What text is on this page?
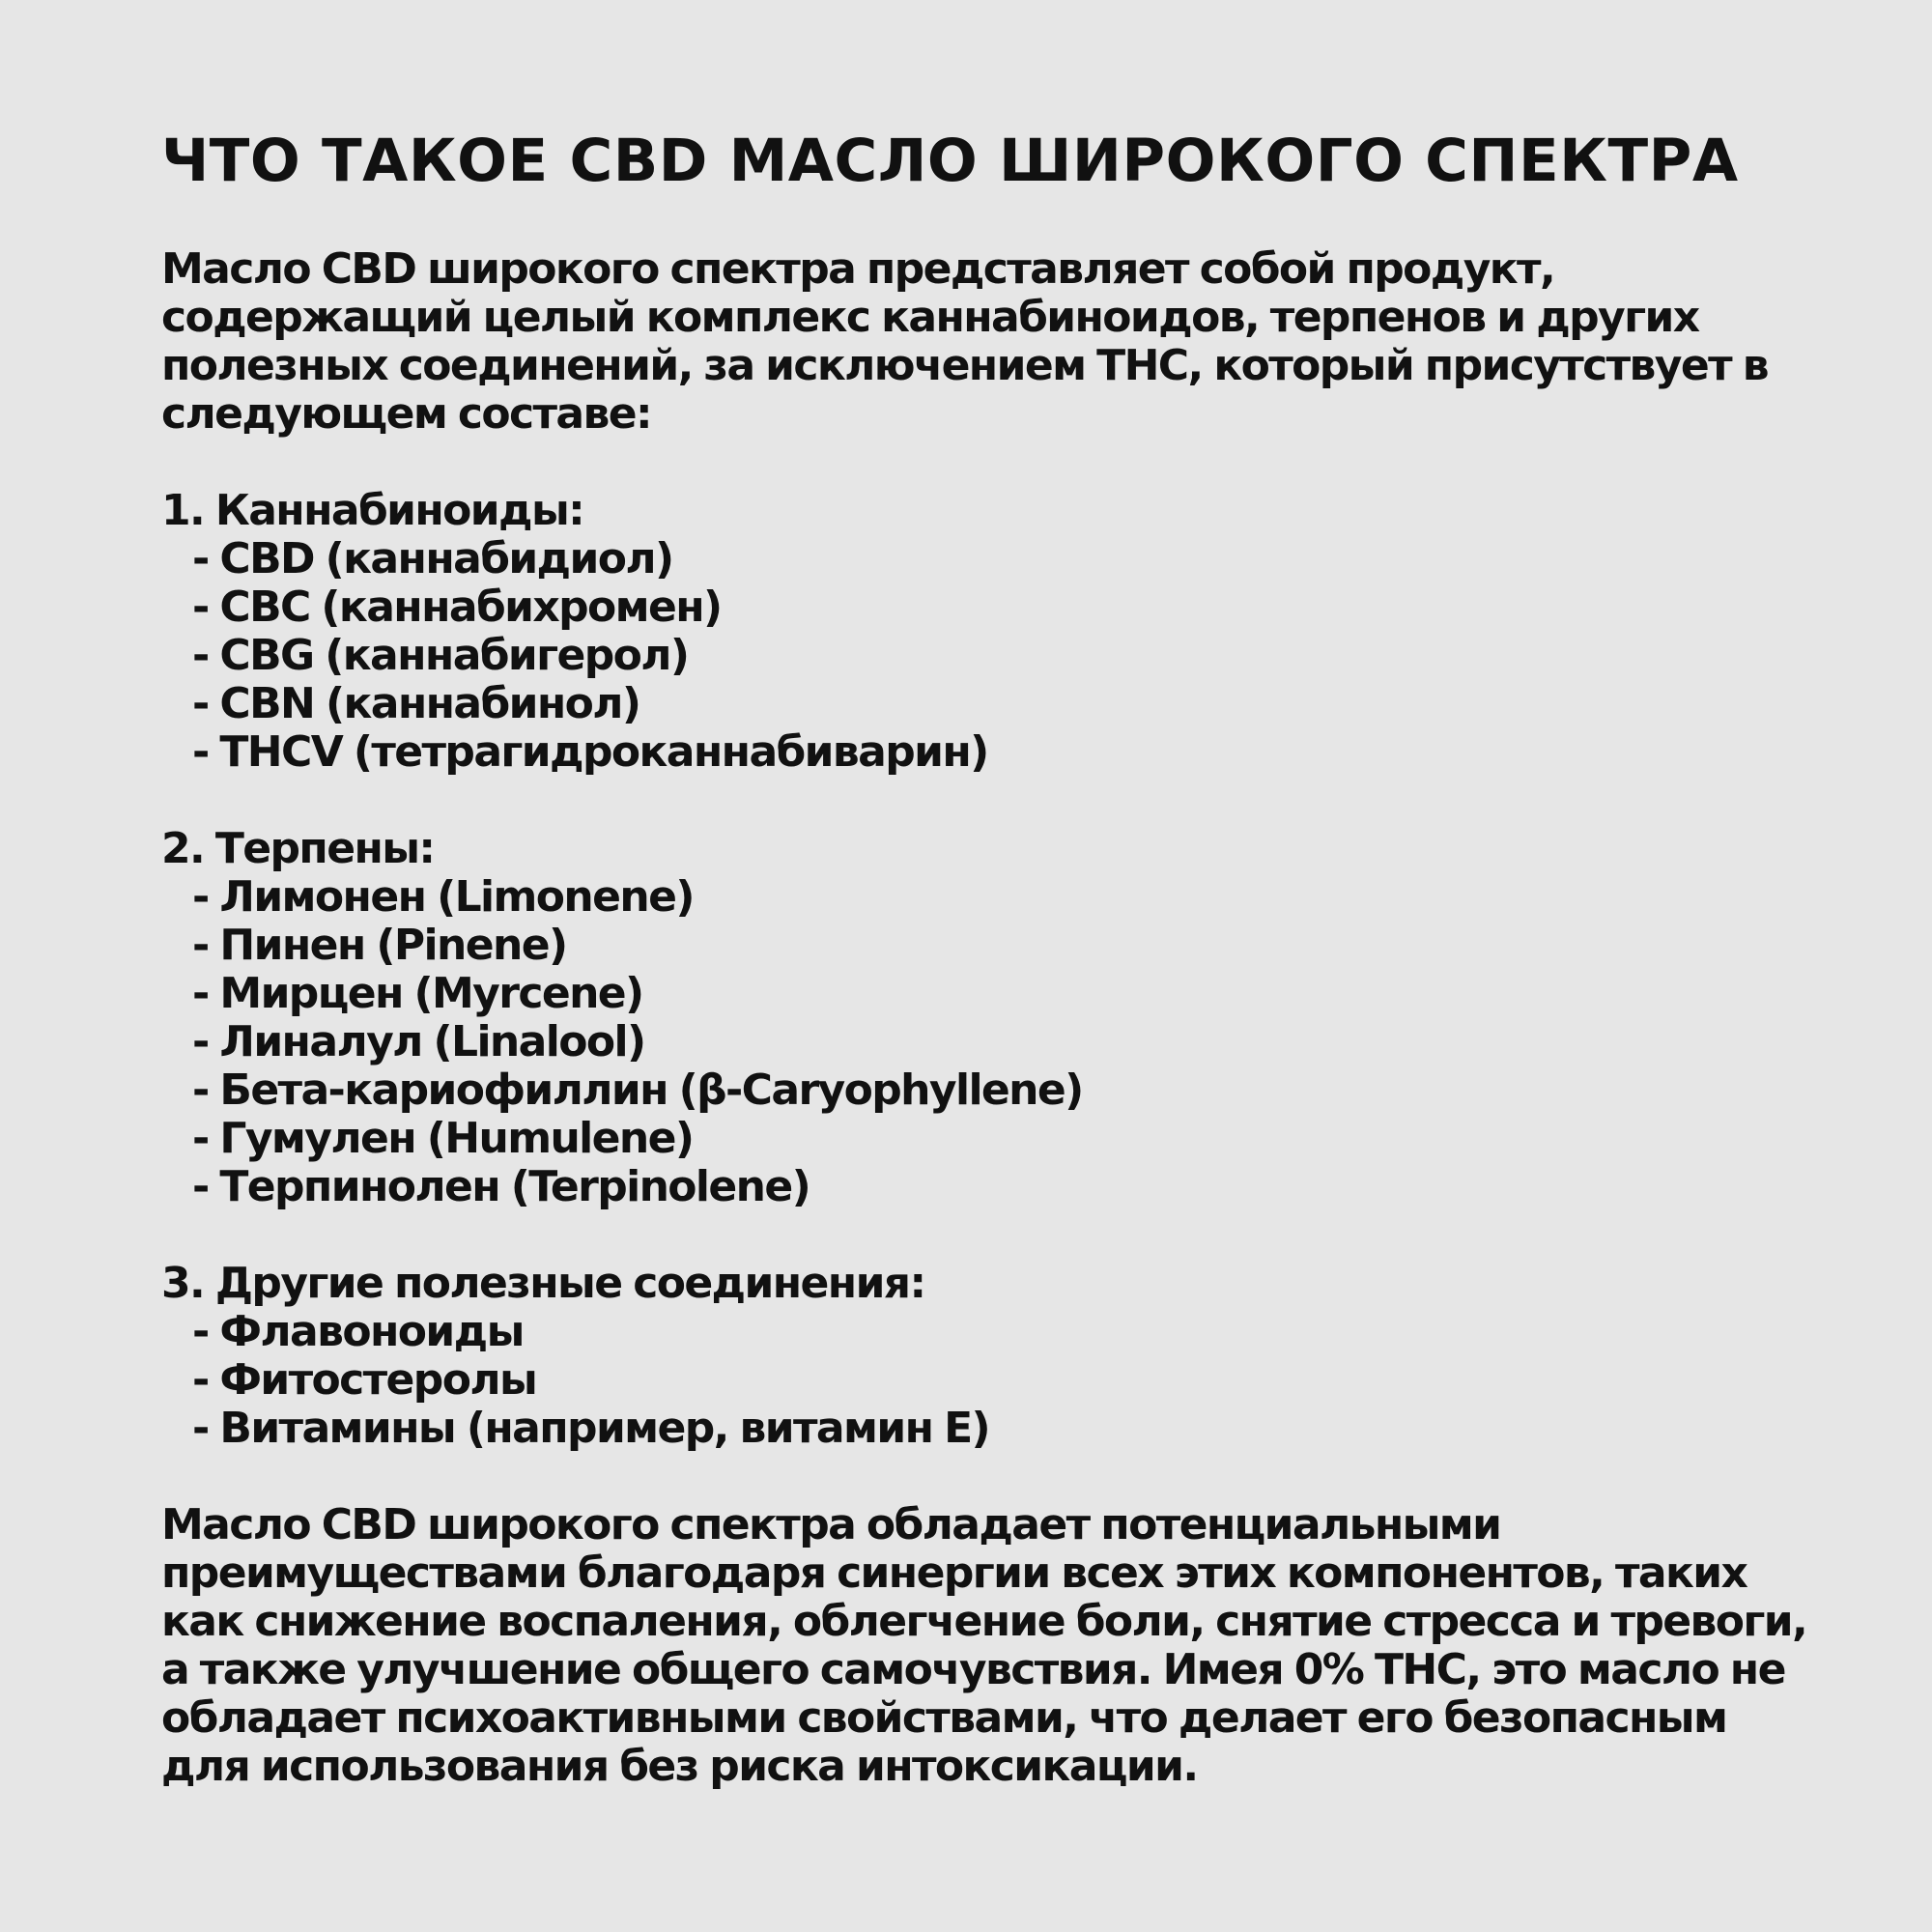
ЧТО ТАКОЕ CBD МАСЛО ШИРОКОГО СПЕКТРА

Масло CBD широкого спектра представляет собой продукт, содержащий целый комплекс каннабиноидов, терпенов и других полезных соединений, за исключением THC, который присутствует в следующем составе:

1. Каннабиноиды:

- CBD (каннабидиол)
- CBC (каннабихромен)
- CBG (каннабигерол)
- CBN (каннабинол)
- THCV (тетрагидроканнабиварин)

2. Терпены:

- Лимонен (Limonene)
- Пинен (Pinene)
- Мирцен (Myrcene)
- Линалул (Linalool)
- Бета-кариофиллин (β-Caryophyllene)
- Гумулен (Humulene)
- Терпинолен (Terpinolene)

3. Другие полезные соединения:

- Флавоноиды
- Фитостеролы
- Витамины (например, витамин Е)

Масло CBD широкого спектра обладает потенциальными преимуществами благодаря синергии всех этих компонентов, таких как снижение воспаления, облегчение боли, снятие стресса и тревоги, а также улучшение общего самочувствия. Имея 0% THC, это масло не обладает психоактивными свойствами, что делает его безопасным для использования без риска интоксикации.
